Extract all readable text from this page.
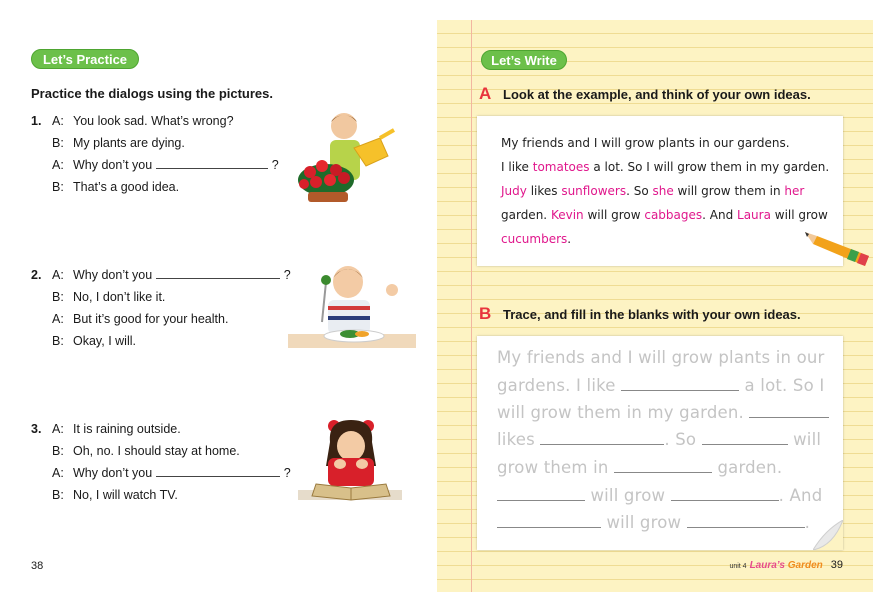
Let’s Practice
Practice the dialogs using the pictures.
1. A: You look sad. What’s wrong?
B: My plants are dying.
A: Why don’t you	?
B: That’s a good idea.
2. A: Why don’t you	?
B: No, I don’t like it.
A: But it’s good for your health.
B: Okay, I will.
3. A: It is raining outside.
B: Oh, no. I should stay at home.
A: Why don’t you	?
B: No, I will watch TV.
38
Let’s Write
A Look at the example, and think of your own ideas.
My friends and I will grow plants in our gardens.
I like tomatoes a lot. So I will grow them in my garden.
Judy likes sunflowers. So she will grow them in her
garden. Kevin will grow cabbages. And Laura will grow
cucumbers.
B Trace, and fill in the blanks with your own ideas.
My friends and I will grow plants in our
gardens. I like	a lot. So I
will grow them in my garden.
likes	. So	will
grow them in	garden.
will grow	. And
will grow	.
unit 4 Laura’s Garden 39
